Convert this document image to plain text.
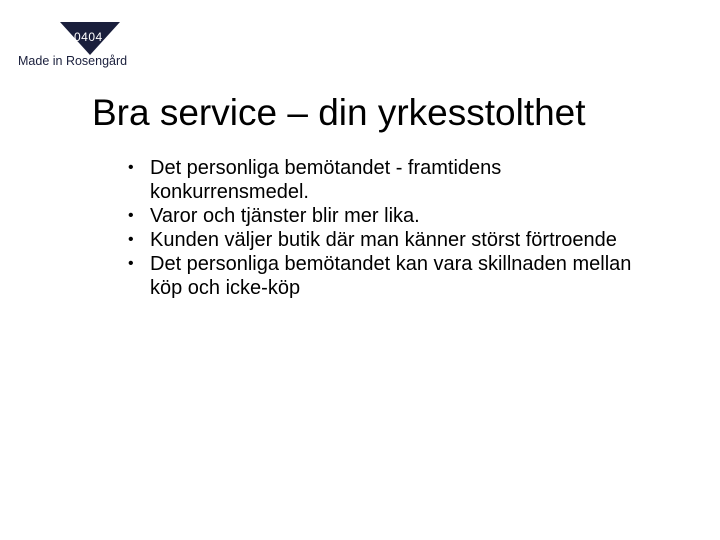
0404
Made in Rosengård
Bra service – din yrkesstolthet
• Det personliga bemötandet - framtidens konkurrensmedel.
• Varor och tjänster blir mer lika.
• Kunden väljer butik där man känner störst förtroende
• Det personliga bemötandet kan vara skillnaden mellan köp och icke-köp
